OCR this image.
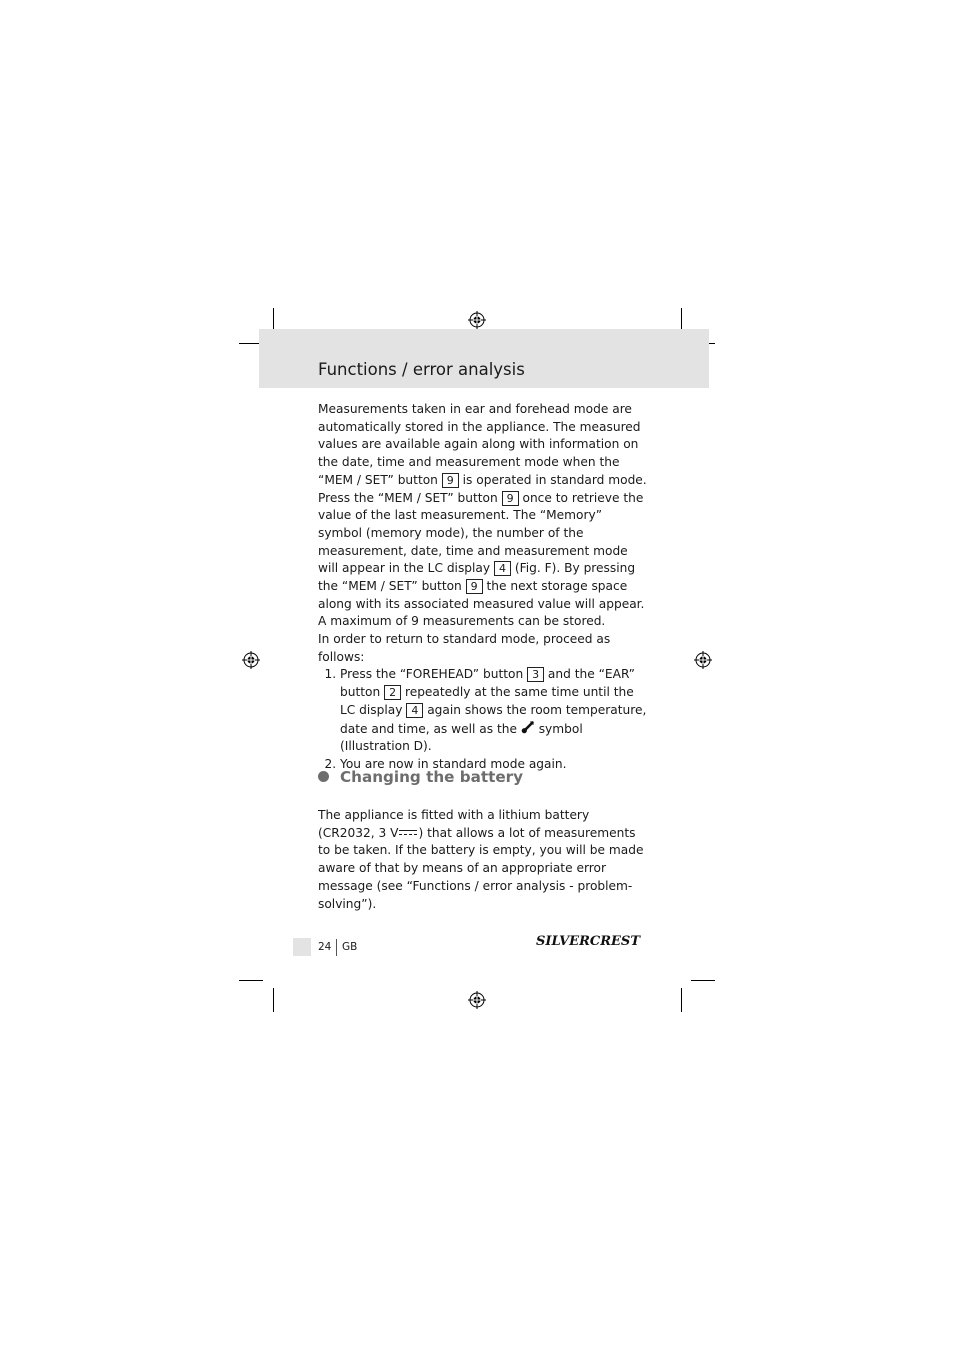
Functions / error analysis

Measurements taken in ear and forehead mode are automatically stored in the appliance. The measured values are available again along with information on the date, time and measurement mode when the “MEM / SET” button 9 is operated in standard mode. Press the “MEM / SET” button 9 once to retrieve the value of the last measurement. The “Memory” symbol (memory mode), the number of the measurement, date, time and measurement mode will appear in the LC display 4 (Fig. F). By pressing the “MEM / SET” button 9 the next storage space along with its associated measured value will appear. A maximum of 9 measurements can be stored.

In order to return to standard mode, proceed as follows:

1. Press the “FOREHEAD” button 3 and the “EAR” button 2 repeatedly at the same time until the LC display 4 again shows the room temperature, date and time, as well as the  symbol (Illustration D).
2. You are now in standard mode again.
Changing the battery

The appliance is fitted with a lithium battery (CR2032, 3 V ) that allows a lot of measurements to be taken. If the battery is empty, you will be made aware of that by means of an appropriate error message (see “Functions / error analysis - problem-solving”).

24 GB	SILVERCREST
